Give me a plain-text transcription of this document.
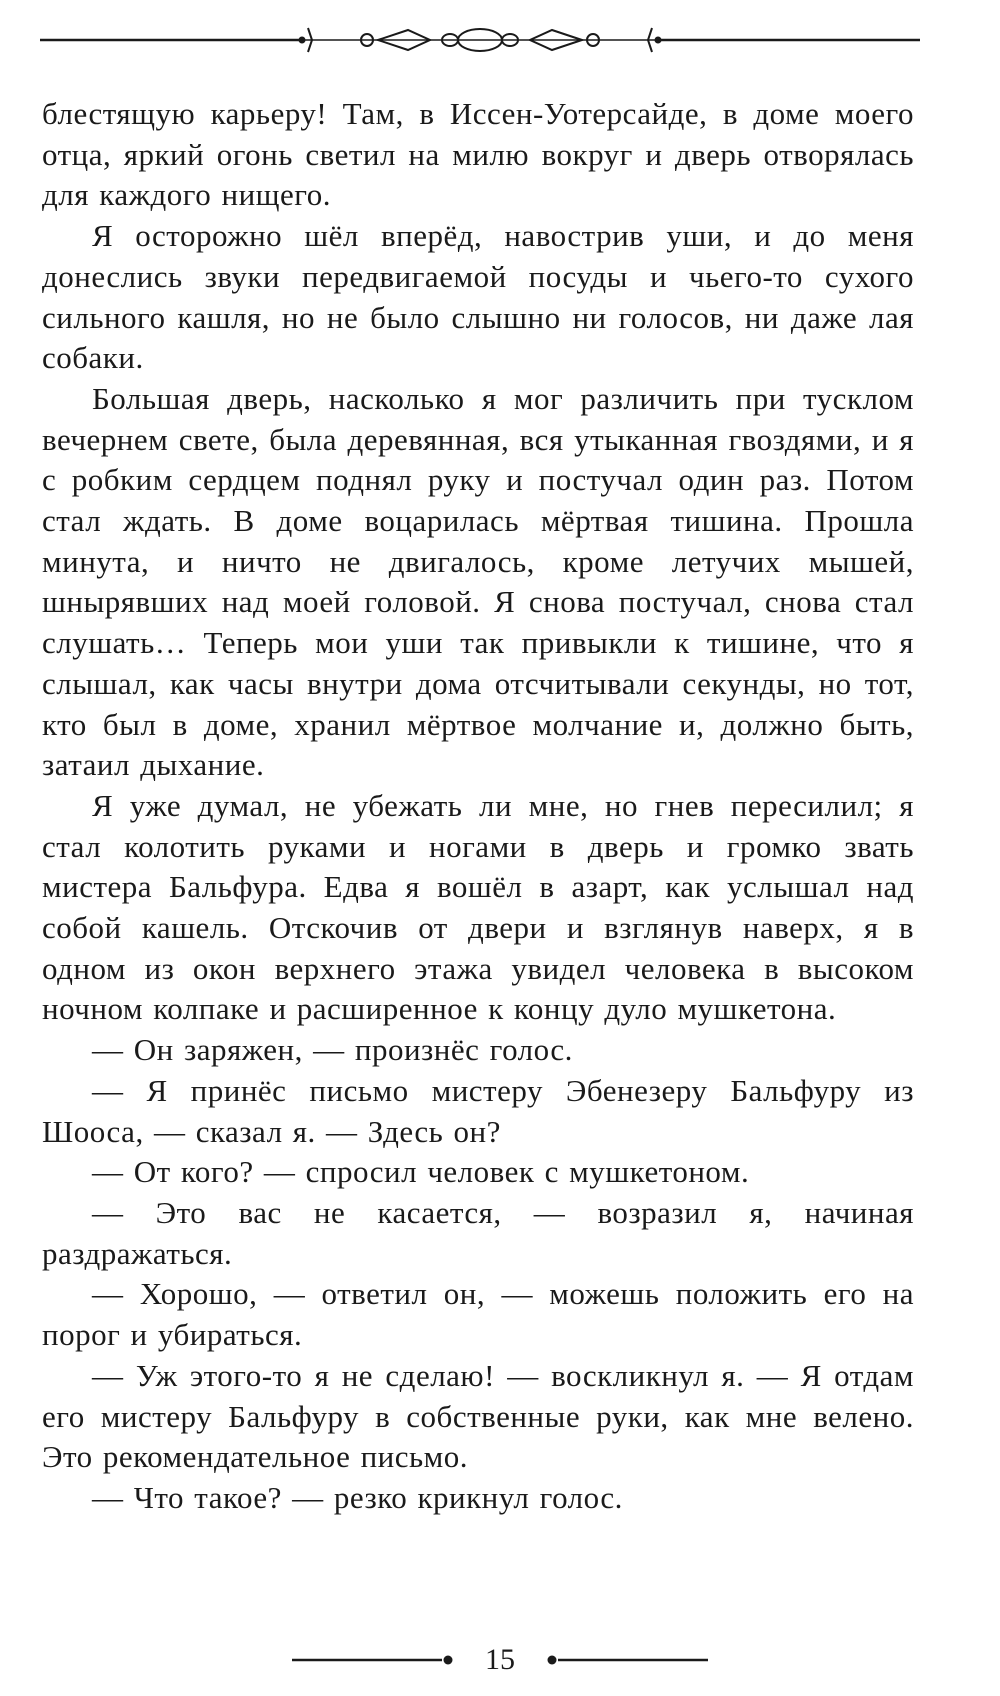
блестящую карьеру! Там, в Иссен-Уотерсайде, в доме моего отца, яркий огонь светил на милю вокруг и дверь отворялась для каждого нищего.

Я осторожно шёл вперёд, навострив уши, и до меня донеслись звуки передвигаемой посуды и чьего-то сухого сильного кашля, но не было слышно ни голосов, ни даже лая собаки.

Большая дверь, насколько я мог различить при тусклом вечернем свете, была деревянная, вся утыканная гвоздями, и я с робким сердцем поднял руку и постучал один раз. Потом стал ждать. В доме воцарилась мёртвая тишина. Прошла минута, и ничто не двигалось, кроме летучих мышей, шнырявших над моей головой. Я снова постучал, снова стал слушать… Теперь мои уши так привыкли к тишине, что я слышал, как часы внутри дома отсчитывали секунды, но тот, кто был в доме, хранил мёртвое молчание и, должно быть, затаил дыхание.

Я уже думал, не убежать ли мне, но гнев пересилил; я стал колотить руками и ногами в дверь и громко звать мистера Бальфура. Едва я вошёл в азарт, как услышал над собой кашель. Отскочив от двери и взглянув наверх, я в одном из окон верхнего этажа увидел человека в высоком ночном колпаке и расширенное к концу дуло мушкетона.

— Он заряжен, — произнёс голос.

— Я принёс письмо мистеру Эбенезеру Бальфуру из Шооса, — сказал я. — Здесь он?

— От кого? — спросил человек с мушкетоном.

— Это вас не касается, — возразил я, начиная раздражаться.

— Хорошо, — ответил он, — можешь положить его на порог и убираться.

— Уж этого-то я не сделаю! — воскликнул я. — Я отдам его мистеру Бальфуру в собственные руки, как мне велено. Это рекомендательное письмо.

— Что такое? — резко крикнул голос.

15
